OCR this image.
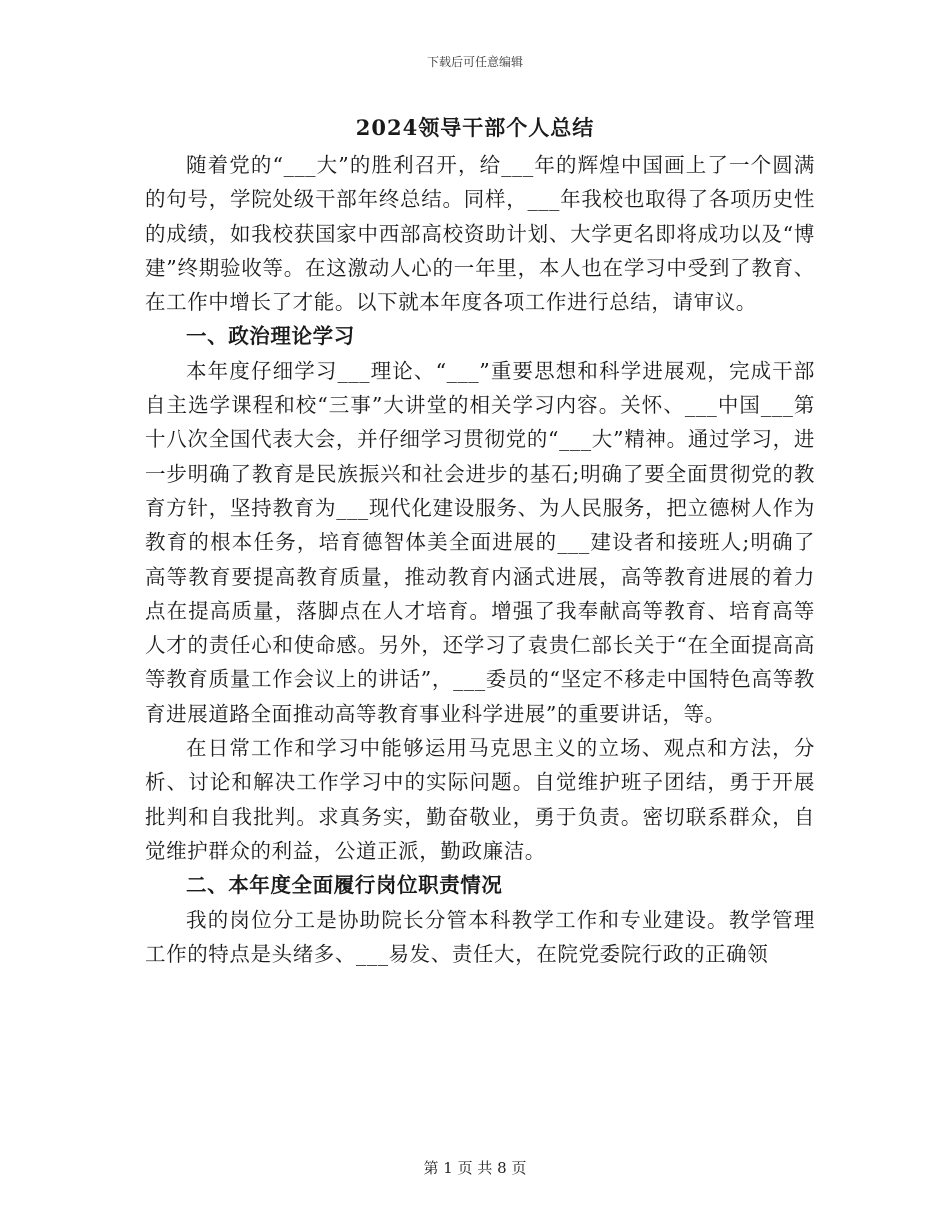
下载后可任意编辑
2024领导干部个人总结

随着党的“___大”的胜利召开，给___年的辉煌中国画上了一个圆满的句号，学院处级干部年终总结。同样，___年我校也取得了各项历史性的成绩，如我校获国家中西部高校资助计划、大学更名即将成功以及“博建”终期验收等。在这激动人心的一年里，本人也在学习中受到了教育、在工作中增长了才能。以下就本年度各项工作进行总结，请审议。

一、政治理论学习

本年度仔细学习___理论、“___”重要思想和科学进展观，完成干部自主选学课程和校“三事”大讲堂的相关学习内容。关怀、___中国___第十八次全国代表大会，并仔细学习贯彻党的“___大”精神。通过学习，进一步明确了教育是民族振兴和社会进步的基石;明确了要全面贯彻党的教育方针，坚持教育为___现代化建设服务、为人民服务，把立德树人作为教育的根本任务，培育德智体美全面进展的___建设者和接班人;明确了高等教育要提高教育质量，推动教育内涵式进展，高等教育进展的着力点在提高质量，落脚点在人才培育。增强了我奉献高等教育、培育高等人才的责任心和使命感。另外，还学习了袁贵仁部长关于“在全面提高高等教育质量工作会议上的讲话”，___委员的“坚定不移走中国特色高等教育进展道路全面推动高等教育事业科学进展”的重要讲话，等。

在日常工作和学习中能够运用马克思主义的立场、观点和方法，分析、讨论和解决工作学习中的实际问题。自觉维护班子团结，勇于开展批判和自我批判。求真务实，勤奋敬业，勇于负责。密切联系群众，自觉维护群众的利益，公道正派，勤政廉洁。

二、本年度全面履行岗位职责情况

我的岗位分工是协助院长分管本科教学工作和专业建设。教学管理工作的特点是头绪多、___易发、责任大，在院党委院行政的正确领

第 1 页 共 8 页
